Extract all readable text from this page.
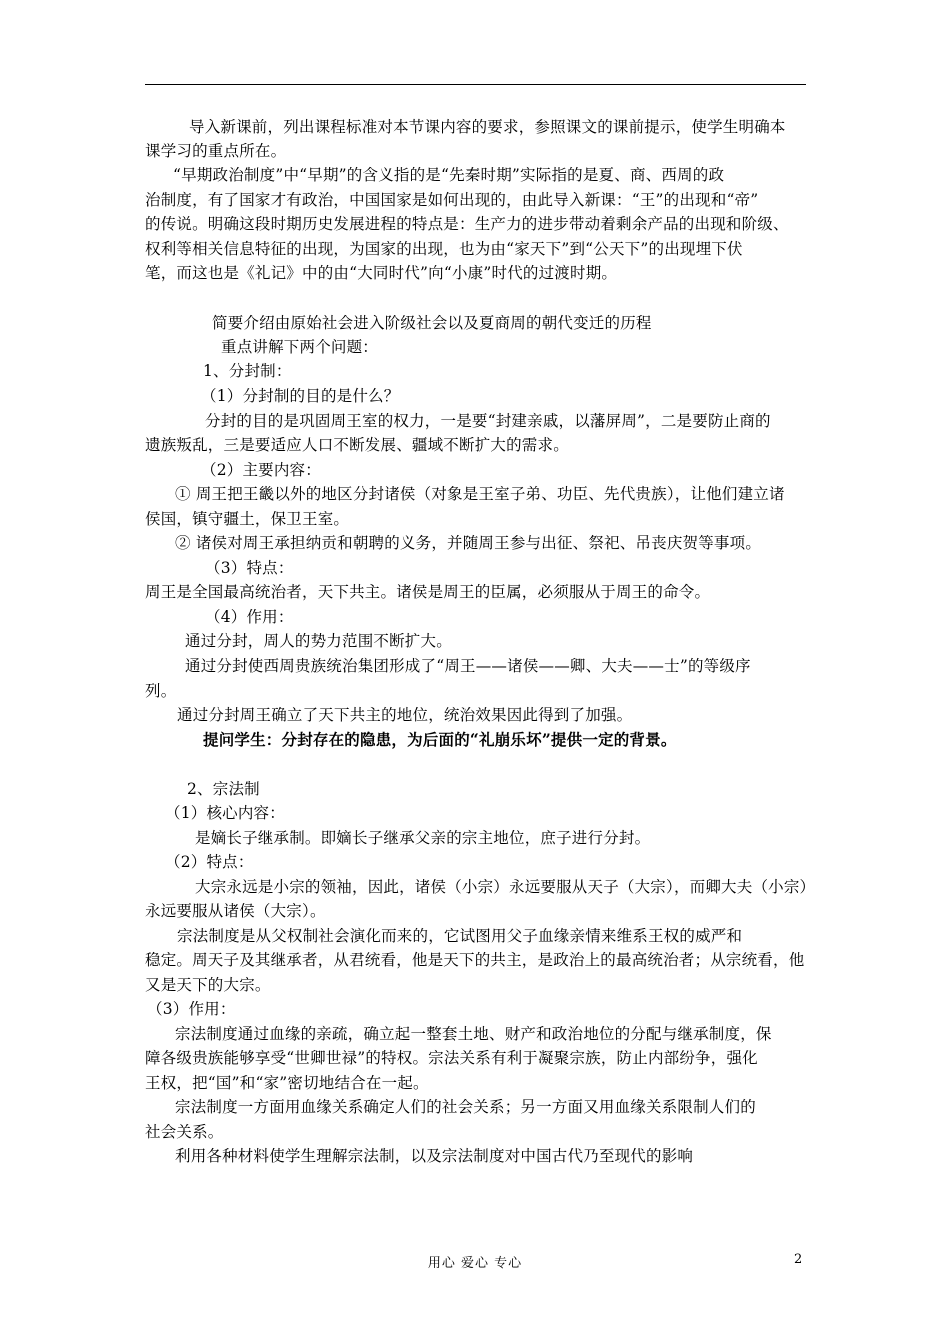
导入新课前，列出课程标准对本节课内容的要求，参照课文的课前提示，使学生明确本
课学习的重点所在。
“早期政治制度”中“早期”的含义指的是“先秦时期”实际指的是夏、商、西周的政
治制度，有了国家才有政治，中国国家是如何出现的，由此导入新课：“王”的出现和“帝”
的传说。明确这段时期历史发展进程的特点是：生产力的进步带动着剩余产品的出现和阶级、
权利等相关信息特征的出现，为国家的出现，也为由“家天下”到“公天下”的出现埋下伏
笔，而这也是《礼记》中的由“大同时代”向“小康”时代的过渡时期。
简要介绍由原始社会进入阶级社会以及夏商周的朝代变迁的历程
重点讲解下两个问题：
1、分封制：
（1）分封制的目的是什么？
分封的目的是巩固周王室的权力，一是要“封建亲戚，以藩屏周”，二是要防止商的
遗族叛乱，三是要适应人口不断发展、疆域不断扩大的需求。
（2）主要内容：
① 周王把王畿以外的地区分封诸侯（对象是王室子弟、功臣、先代贵族），让他们建立诸
侯国，镇守疆土，保卫王室。
② 诸侯对周王承担纳贡和朝聘的义务，并随周王参与出征、祭祀、吊丧庆贺等事项。
（3）特点：
周王是全国最高统治者，天下共主。诸侯是周王的臣属，必须服从于周王的命令。
（4）作用：
通过分封，周人的势力范围不断扩大。
通过分封使西周贵族统治集团形成了“周王——诸侯——卿、大夫——士”的等级序
列。
通过分封周王确立了天下共主的地位，统治效果因此得到了加强。
提问学生：分封存在的隐患，为后面的“礼崩乐坏”提供一定的背景。
2、宗法制
（1）核心内容：
是嫡长子继承制。即嫡长子继承父亲的宗主地位，庶子进行分封。
（2）特点：
大宗永远是小宗的领袖，因此，诸侯（小宗）永远要服从天子（大宗），而卿大夫（小宗）
永远要服从诸侯（大宗）。
宗法制度是从父权制社会演化而来的，它试图用父子血缘亲情来维系王权的威严和
稳定。周天子及其继承者，从君统看，他是天下的共主，是政治上的最高统治者；从宗统看，他
又是天下的大宗。
（3）作用：
宗法制度通过血缘的亲疏，确立起一整套土地、财产和政治地位的分配与继承制度，保
障各级贵族能够享受“世卿世禄”的特权。宗法关系有利于凝聚宗族，防止内部纷争，强化
王权，把“国”和“家”密切地结合在一起。
宗法制度一方面用血缘关系确定人们的社会关系；另一方面又用血缘关系限制人们的
社会关系。
利用各种材料使学生理解宗法制，以及宗法制度对中国古代乃至现代的影响
用心 爱心 专心	2
